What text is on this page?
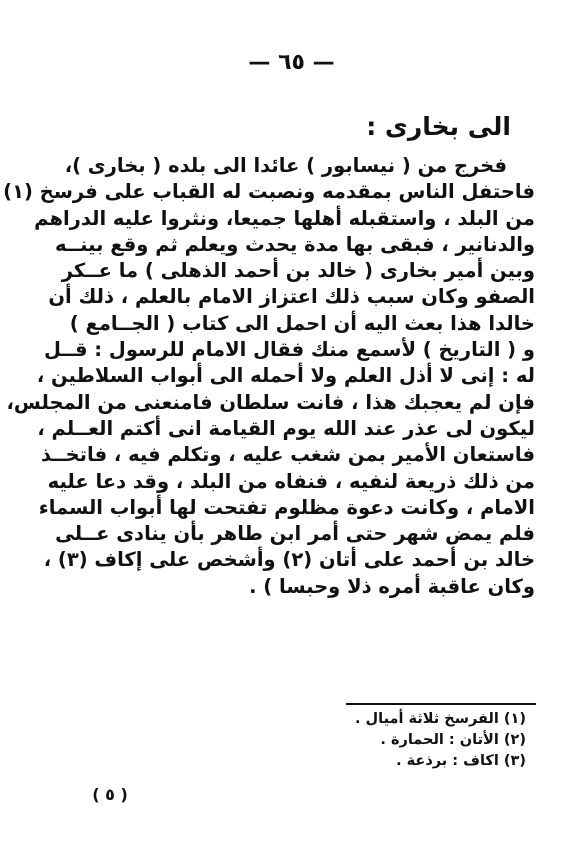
— ٦٥ —
الى بخارى :
فخرج من ( نيسابور ) عائدا الى بلده ( بخارى )،
فاحتفل الناس بمقدمه ونصبت له القباب على فرسخ (١)
من البلد ، واستقبله أهلها جميعا، ونثروا عليه الدراهم
والدنانير ، فبقى بها مدة يحدث ويعلم ثم وقع بينــه
وبين أمير بخارى ( خالد بن أحمد الذهلى ) ما عــكر
الصفو وكان سبب ذلك اعتزاز الامام بالعلم ، ذلك أن
خالدا هذا بعث اليه أن احمل الى كتاب ( الجــامع )
و ( التاريخ ) لأسمع منك فقال الامام للرسول : قــل
له : إنى لا أذل العلم ولا أحمله الى أبواب السلاطين ،
فإن لم يعجبك هذا ، فانت سلطان فامنعنى من المجلس،
ليكون لى عذر عند الله يوم القيامة انى أكتم العــلم ،
فاستعان الأمير بمن شغب عليه ، وتكلم فيه ، فاتخــذ
من ذلك ذريعة لنفيه ، فنفاه من البلد ، وقد دعا عليه
الامام ، وكانت دعوة مظلوم تفتحت لها أبواب السماء
فلم يمض شهر حتى أمر ابن طاهر بأن ينادى عــلى
خالد بن أحمد على أتان (٢) وأشخص على إكاف (٣) ،
وكان عاقبة أمره ذلا وحبسا ) .
(١) الفرسخ ثلاثة أميال .
(٢) الأتان : الحمارة .
(٣) اكاف : برذعة .
( ٥ )
